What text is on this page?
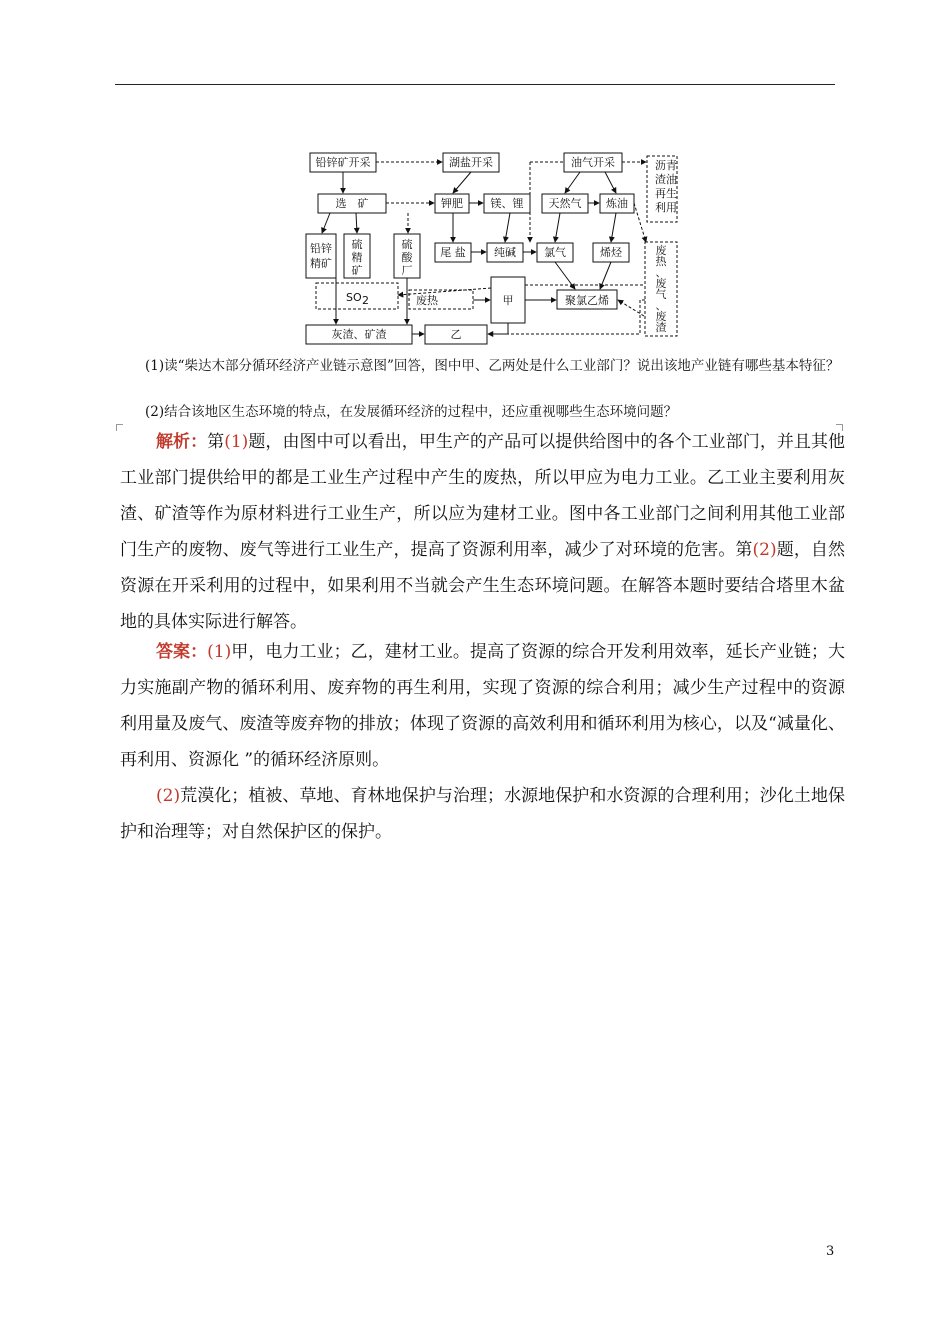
铅锌矿开采	湖盐开采	油气开采	沥 青
渣 油
再 生
利 用
选　矿	钾肥	镁、锂 天然气 炼油
铅锌
精矿
硫
精
矿
硫
酸
厂
尾 盐	纯碱	氯气	烯烃	废
热
、
废
气
、
废
渣
SO 2	废热	甲	聚氯乙烯
灰渣、矿渣	乙
(1)读“柴达木部分循环经济产业链示意图”回答，图中甲、乙两处是什么工业部门？说出该地产业链有哪些基本特征？
(2)结合该地区生态环境的特点，在发展循环经济的过程中，还应重视哪些生态环境问题？
解析：第(1)题，由图中可以看出，甲生产的产品可以提供给图中的各个工业部门，并且其他工业部门提供给甲的都是工业生产过程中产生的废热，所以甲应为电力工业。乙工业主要利用灰渣、矿渣等作为原材料进行工业生产，所以应为建材工业。图中各工业部门之间利用其他工业部门生产的废物、废气等进行工业生产，提高了资源利用率，减少了对环境的危害。第(2)题，自然资源在开采利用的过程中，如果利用不当就会产生生态环境问题。在解答本题时要结合塔里木盆地的具体实际进行解答。
答案：(1)甲，电力工业；乙，建材工业。提高了资源的综合开发利用效率，延长产业链；大力实施副产物的循环利用、废弃物的再生利用，实现了资源的综合利用；减少生产过程中的资源利用量及废气、废渣等废弃物的排放；体现了资源的高效利用和循环利用为核心，以及“减量化、再利用、资源化 ”的循环经济原则。
(2)荒漠化；植被、草地、育林地保护与治理；水源地保护和水资源的合理利用；沙化土地保护和治理等；对自然保护区的保护。
3
